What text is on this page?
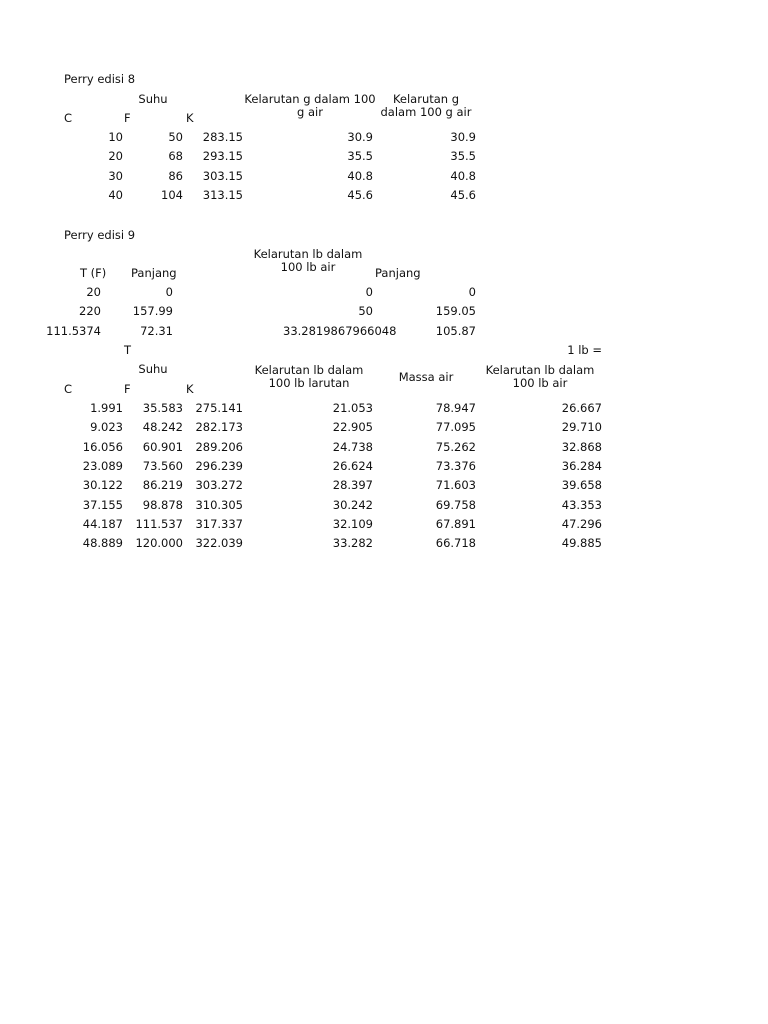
Perry edisi 8
Suhu
C	F	K
Kelarutan g dalam 100 g air
Kelarutan g dalam 100 g air
10	50	283.15	30.9	30.9
20	68	293.15	35.5	35.5
30	86	303.15	40.8	40.8
40	104	313.15	45.6	45.6
Perry edisi 9
T (F) Panjang
Kelarutan lb dalam 100 lb air	Panjang
20	0	0	0
220	157.99	50	159.05
111.5374	72.31	33.2819867966048	105.87
T	1 lb =
Suhu
C	F	K
Kelarutan lb dalam 100 lb larutan	Massa air	Kelarutan lb dalam 100 lb air
1.991	35.583	275.141	21.053	78.947	26.667
9.023	48.242	282.173	22.905	77.095	29.710
16.056	60.901	289.206	24.738	75.262	32.868
23.089	73.560	296.239	26.624	73.376	36.284
30.122	86.219	303.272	28.397	71.603	39.658
37.155	98.878	310.305	30.242	69.758	43.353
44.187	111.537	317.337	32.109	67.891	47.296
48.889	120.000	322.039	33.282	66.718	49.885
